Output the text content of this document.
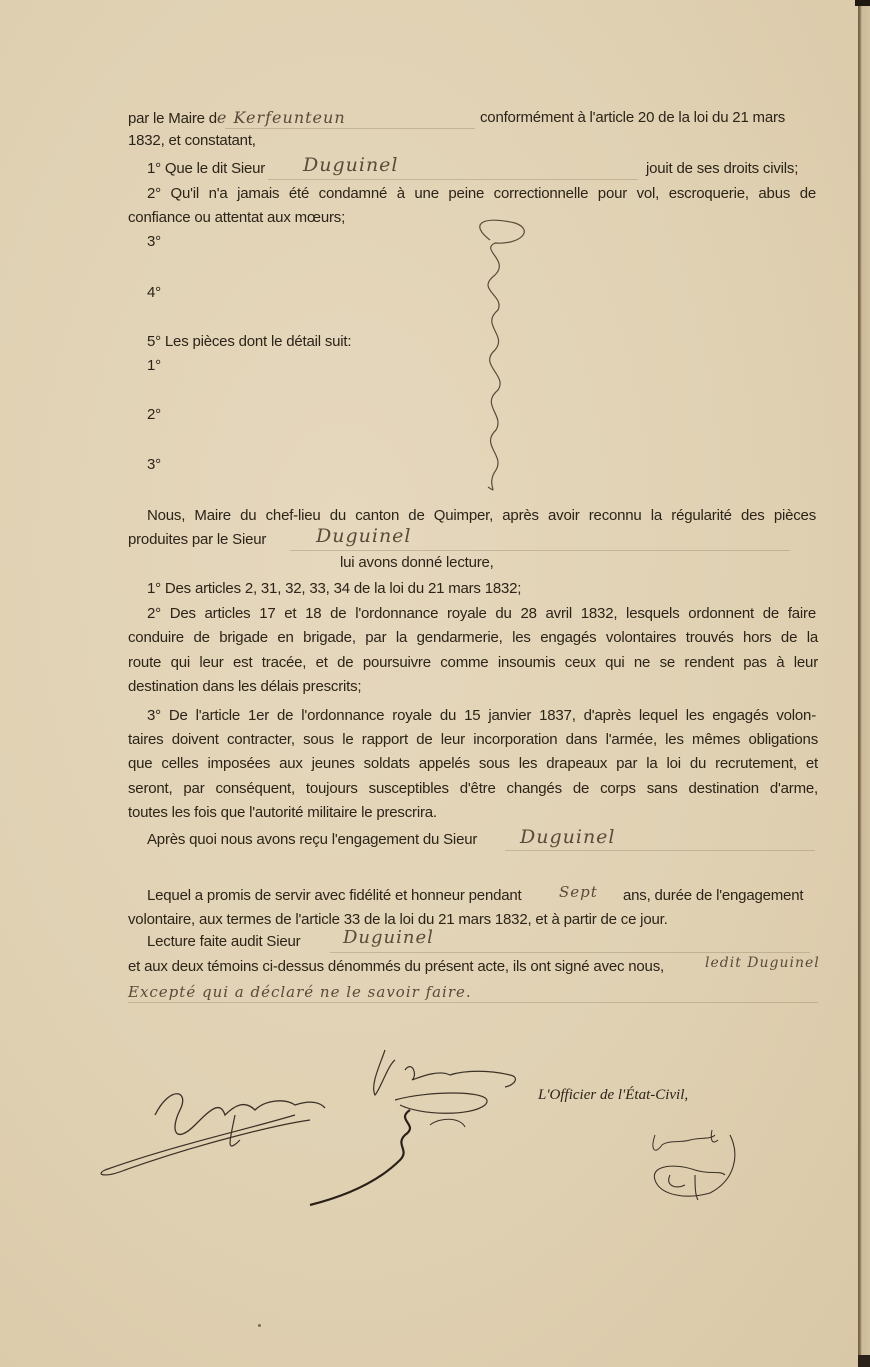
par le Maire de Kerfeunteun	conformément à l'article 20 de la loi du 21 mars
1832, et constatant,
1° Que le dit Sieur Duguinel	jouit de ses droits civils;
2° Qu'il n'a jamais été condamné à une peine correctionnelle pour vol, escroquerie, abus de
confiance ou attentat aux mœurs;
3°
4°
5° Les pièces dont le détail suit:
1°
2°
3°
Nous, Maire du chef-lieu du canton de Quimper, après avoir reconnu la régularité des pièces
produites par le Sieur	Duguinel
lui avons donné lecture,
1° Des articles 2, 31, 32, 33, 34 de la loi du 21 mars 1832;
2° Des articles 17 et 18 de l'ordonnance royale du 28 avril 1832, lesquels ordonnent de faire
conduire de brigade en brigade, par la gendarmerie, les engagés volontaires trouvés hors de la
route qui leur est tracée, et de poursuivre comme insoumis ceux qui ne se rendent pas à leur
destination dans les délais prescrits;
3° De l'article 1er de l'ordonnance royale du 15 janvier 1837, d'après lequel les engagés volon-
taires doivent contracter, sous le rapport de leur incorporation dans l'armée, les mêmes obligations
que celles imposées aux jeunes soldats appelés sous les drapeaux par la loi du recrutement, et
seront, par conséquent, toujours susceptibles d'être changés de corps sans destination d'arme,
toutes les fois que l'autorité militaire le prescrira.
Après quoi nous avons reçu l'engagement du Sieur Duguinel
Lequel a promis de servir avec fidélité et honneur pendant	Sept ans, durée de l'engagement
volontaire, aux termes de l'article 33 de la loi du 21 mars 1832, et à partir de ce jour.
Lecture faite audit Sieur Duguinel
et aux deux témoins ci-dessus dénommés du présent acte, ils ont signé avec nous,	ledit Duguinel
Excepté qui a déclaré ne le savoir faire.
L'Officier de l'État-Civil,
